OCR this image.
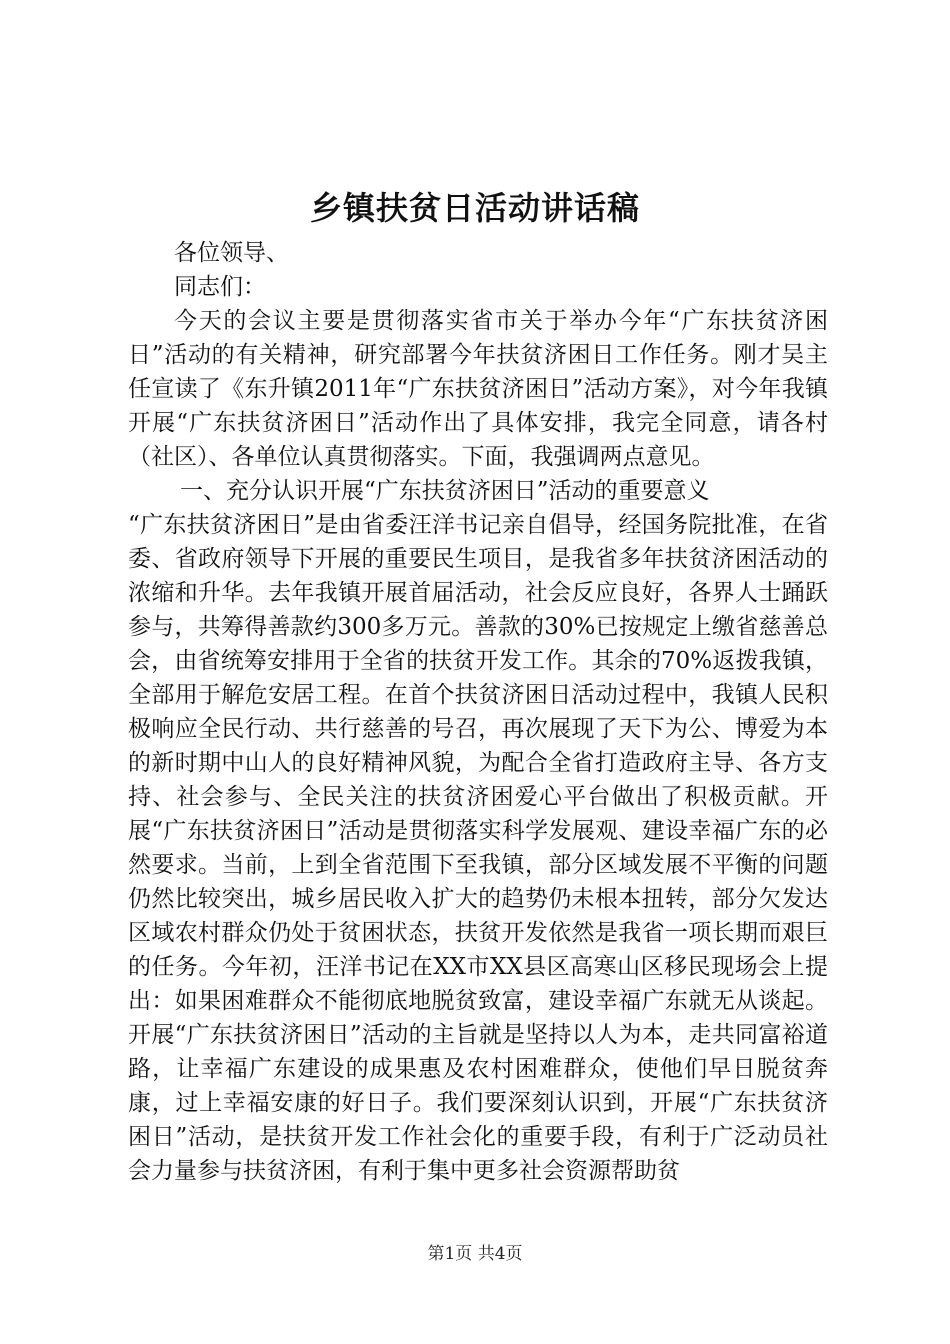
乡镇扶贫日活动讲话稿

各位领导、

同志们：

今天的会议主要是贯彻落实省市关于举办今年“广东扶贫济困日”活动的有关精神，研究部署今年扶贫济困日工作任务。刚才吴主任宣读了《东升镇2011年“广东扶贫济困日”活动方案》，对今年我镇开展“广东扶贫济困日”活动作出了具体安排，我完全同意，请各村（社区）、各单位认真贯彻落实。下面，我强调两点意见。

一、充分认识开展“广东扶贫济困日”活动的重要意义

“广东扶贫济困日”是由省委汪洋书记亲自倡导，经国务院批准，在省委、省政府领导下开展的重要民生项目，是我省多年扶贫济困活动的浓缩和升华。去年我镇开展首届活动，社会反应良好，各界人士踊跃参与，共筹得善款约300多万元。善款的30%已按规定上缴省慈善总会，由省统筹安排用于全省的扶贫开发工作。其余的70%返拨我镇，全部用于解危安居工程。在首个扶贫济困日活动过程中，我镇人民积极响应全民行动、共行慈善的号召，再次展现了天下为公、博爱为本的新时期中山人的良好精神风貌，为配合全省打造政府主导、各方支持、社会参与、全民关注的扶贫济困爱心平台做出了积极贡献。开展“广东扶贫济困日”活动是贯彻落实科学发展观、建设幸福广东的必然要求。当前，上到全省范围下至我镇，部分区域发展不平衡的问题仍然比较突出，城乡居民收入扩大的趋势仍未根本扭转，部分欠发达区域农村群众仍处于贫困状态，扶贫开发依然是我省一项长期而艰巨的任务。今年初，汪洋书记在XX市XX县区高寒山区移民现场会上提出：如果困难群众不能彻底地脱贫致富，建设幸福广东就无从谈起。开展“广东扶贫济困日”活动的主旨就是坚持以人为本，走共同富裕道路，让幸福广东建设的成果惠及农村困难群众，使他们早日脱贫奔康，过上幸福安康的好日子。我们要深刻认识到，开展“广东扶贫济困日”活动，是扶贫开发工作社会化的重要手段，有利于广泛动员社会力量参与扶贫济困，有利于集中更多社会资源帮助贫

第1页 共4页
